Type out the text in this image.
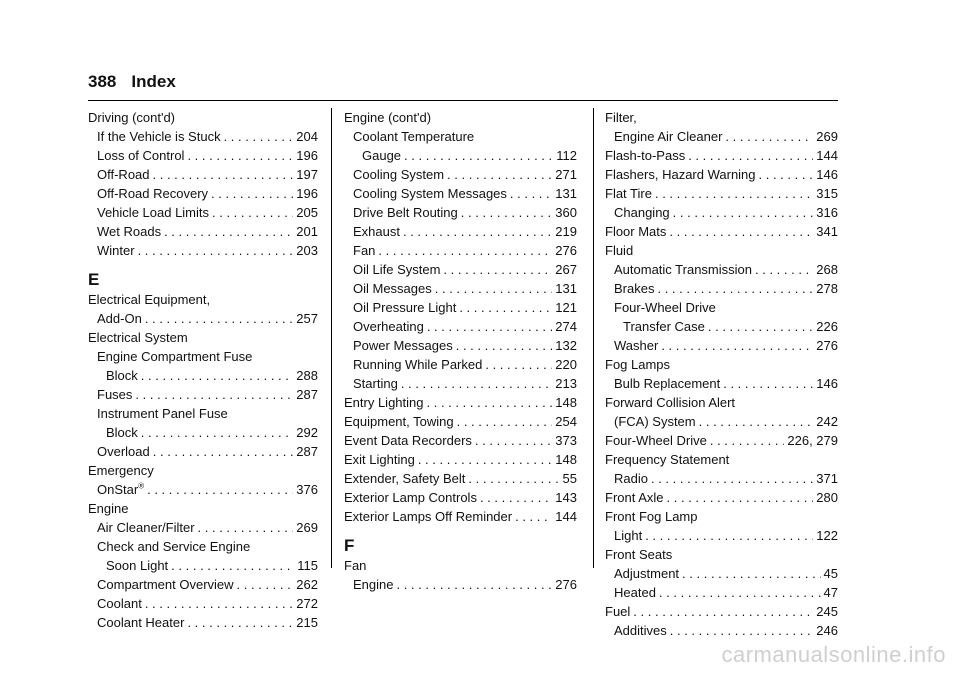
388 Index
Driving (cont'd)
If the Vehicle is Stuck . . .	204
Loss of Control . . .	196
Off-Road . . .	197
Off-Road Recovery . . .	196
Vehicle Load Limits . . .	205
Wet Roads . . .	201
Winter . . .	203
E
Electrical Equipment,
Add-On . . .	257
Electrical System
Engine Compartment Fuse
Block . . .	288
Fuses . . .	287
Instrument Panel Fuse
Block . . .	292
Overload . . .	287
Emergency
OnStar® . . .	376
Engine
Air Cleaner/Filter . . .	269
Check and Service Engine
Soon Light . . .	115
Compartment Overview . . .	262
Coolant . . .	272
Coolant Heater . . .	215
Engine (cont'd)
Coolant Temperature
Gauge . . .	112
Cooling System . . .	271
Cooling System Messages . . .	131
Drive Belt Routing . . .	360
Exhaust . . .	219
Fan . . .	276
Oil Life System . . .	267
Oil Messages . . .	131
Oil Pressure Light . . .	121
Overheating . . .	274
Power Messages . . .	132
Running While Parked . . .	220
Starting . . .	213
Entry Lighting . . .	148
Equipment, Towing . . .	254
Event Data Recorders . . .	373
Exit Lighting . . .	148
Extender, Safety Belt . . .	55
Exterior Lamp Controls . . .	143
Exterior Lamps Off Reminder . . .	144
F
Fan
Engine . . .	276
Filter,
Engine Air Cleaner . . .	269
Flash-to-Pass . . .	144
Flashers, Hazard Warning . . .	146
Flat Tire . . .	315
Changing . . .	316
Floor Mats . . .	341
Fluid
Automatic Transmission . . .	268
Brakes . . .	278
Four-Wheel Drive
Transfer Case . . .	226
Washer . . .	276
Fog Lamps
Bulb Replacement . . .	146
Forward Collision Alert
(FCA) System . . .	242
Four-Wheel Drive . . .	226, 279
Frequency Statement
Radio . . .	371
Front Axle . . .	280
Front Fog Lamp
Light . . .	122
Front Seats
Adjustment . . .	45
Heated . . .	47
Fuel . . .	245
Additives . . .	246
carmanualsonline.info
